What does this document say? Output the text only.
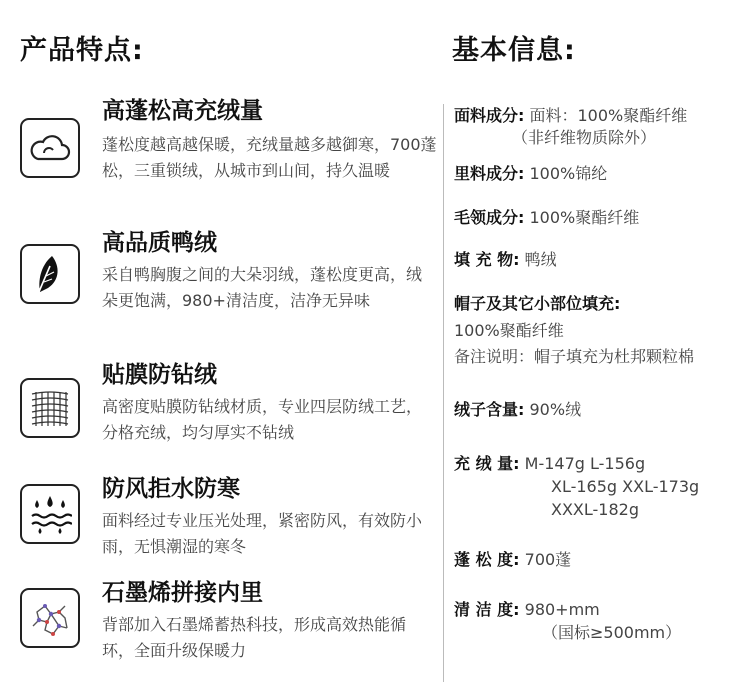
产品特点:	基本信息:
高蓬松高充绒量
蓬松度越高越保暖，充绒量越多越御寒，700蓬松，三重锁绒，从城市到山间，持久温暖
高品质鸭绒
采自鸭胸腹之间的大朵羽绒，蓬松度更高，绒朵更饱满，980+清洁度，洁净无异味
贴膜防钻绒
高密度贴膜防钻绒材质，专业四层防绒工艺，分格充绒，均匀厚实不钻绒
防风拒水防寒
面料经过专业压光处理，紧密防风，有效防小雨，无惧潮湿的寒冬
石墨烯拼接内里
背部加入石墨烯蓄热科技，形成高效热能循环，全面升级保暖力
面料成分: 面料：100%聚酯纤维
（非纤维物质除外）
里料成分: 100%锦纶
毛领成分: 100%聚酯纤维
填 充 物: 鸭绒
帽子及其它小部位填充:
100%聚酯纤维
备注说明：帽子填充为杜邦颗粒棉
绒子含量: 90%绒
充 绒 量: M-147g L-156g
XL-165g XXL-173g
XXXL-182g
蓬 松 度: 700蓬
清 洁 度: 980+mm
（国标≥500mm）
